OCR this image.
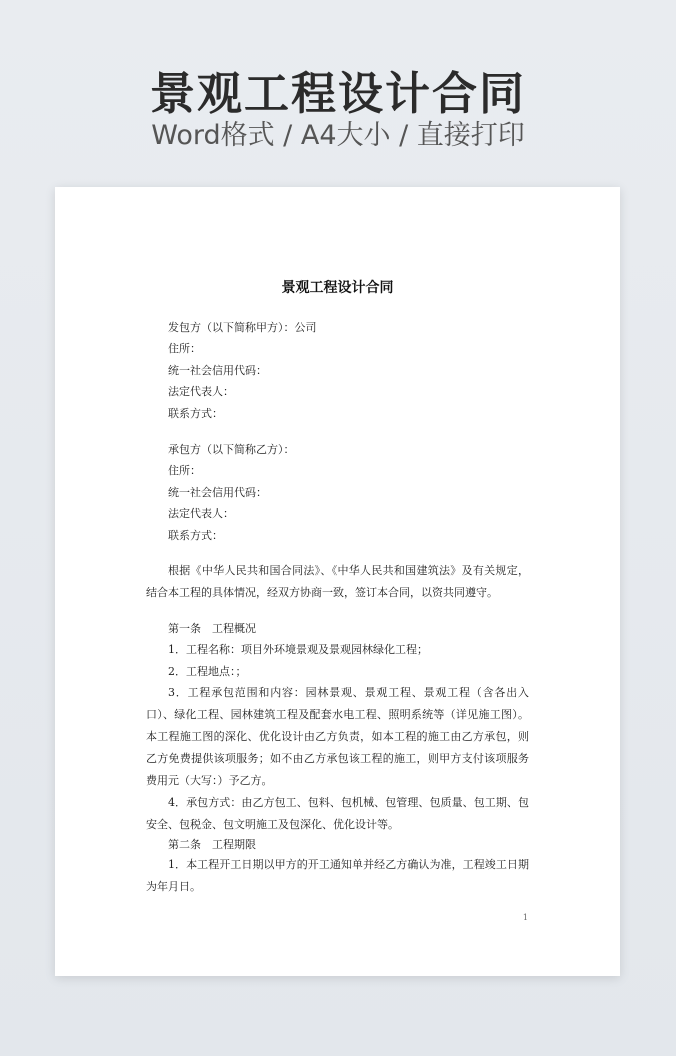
景观工程设计合同
Word格式 / A4大小 / 直接打印
景观工程设计合同
发包方（以下简称甲方）：公司
住所：
统一社会信用代码：
法定代表人：
联系方式：
承包方（以下简称乙方）：
住所：
统一社会信用代码：
法定代表人：
联系方式：
根据《中华人民共和国合同法》、《中华人民共和国建筑法》及有关规定，结合本工程的具体情况，经双方协商一致，签订本合同，以资共同遵守。
第一条　工程概况
1．工程名称：项目外环境景观及景观园林绿化工程；
2．工程地点：；
3．工程承包范围和内容：园林景观、景观工程、景观工程（含各出入口）、绿化工程、园林建筑工程及配套水电工程、照明系统等（详见施工图）。本工程施工图的深化、优化设计由乙方负责，如本工程的施工由乙方承包，则乙方免费提供该项服务；如不由乙方承包该工程的施工，则甲方支付该项服务费用元（大写：）予乙方。
4．承包方式：由乙方包工、包料、包机械、包管理、包质量、包工期、包安全、包税金、包文明施工及包深化、优化设计等。
第二条　工程期限
1．本工程开工日期以甲方的开工通知单并经乙方确认为准，工程竣工日期为年月日。
1
